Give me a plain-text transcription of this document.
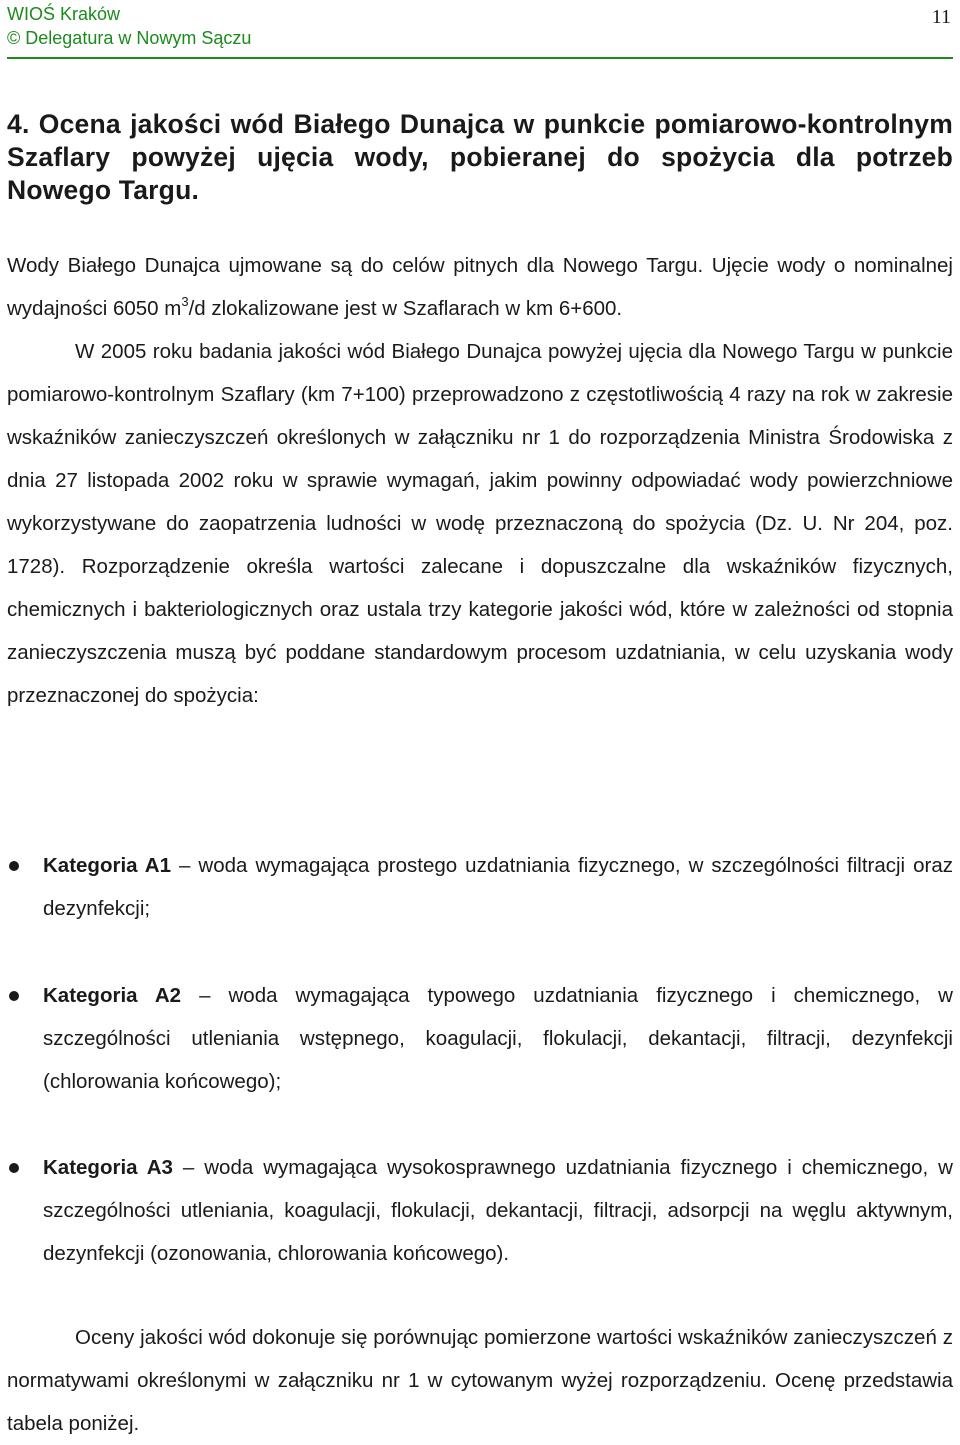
WIOŚ Kraków
© Delegatura w Nowym Sączu
11
4. Ocena jakości wód Białego Dunajca w punkcie pomiarowo-kontrolnym Szaflary powyżej ujęcia wody, pobieranej do spożycia dla potrzeb Nowego Targu.
Wody Białego Dunajca ujmowane są do celów pitnych dla Nowego Targu. Ujęcie wody o nominalnej wydajności 6050 $m^3/d$ zlokalizowane jest w Szaflarach w km 6+600.
W 2005 roku badania jakości wód Białego Dunajca powyżej ujęcia dla Nowego Targu w punkcie pomiarowo-kontrolnym Szaflary (km 7+100) przeprowadzono z częstotliwością 4 razy na rok w zakresie wskaźników zanieczyszczeń określonych w załączniku nr 1 do rozporządzenia Ministra Środowiska z dnia 27 listopada 2002 roku w sprawie wymagań, jakim powinny odpowiadać wody powierzchniowe wykorzystywane do zaopatrzenia ludności w wodę przeznaczoną do spożycia (Dz. U. Nr 204, poz. 1728). Rozporządzenie określa wartości zalecane i dopuszczalne dla wskaźników fizycznych, chemicznych i bakteriologicznych oraz ustala trzy kategorie jakości wód, które w zależności od stopnia zanieczyszczenia muszą być poddane standardowym procesom uzdatniania, w celu uzyskania wody przeznaczonej do spożycia:
Kategoria A1 – woda wymagająca prostego uzdatniania fizycznego, w szczególności filtracji oraz dezynfekcji;
Kategoria A2 – woda wymagająca typowego uzdatniania fizycznego i chemicznego, w szczególności utleniania wstępnego, koagulacji, flokulacji, dekantacji, filtracji, dezynfekcji (chlorowania końcowego);
Kategoria A3 – woda wymagająca wysokosprawnego uzdatniania fizycznego i chemicznego, w szczególności utleniania, koagulacji, flokulacji, dekantacji, filtracji, adsorpcji na węglu aktywnym, dezynfekcji (ozonowania, chlorowania końcowego).
Oceny jakości wód dokonuje się porównując pomierzone wartości wskaźników zanieczyszczeń z normatywami określonymi w załączniku nr 1 w cytowanym wyżej rozporządzeniu. Ocenę przedstawia tabela poniżej.
